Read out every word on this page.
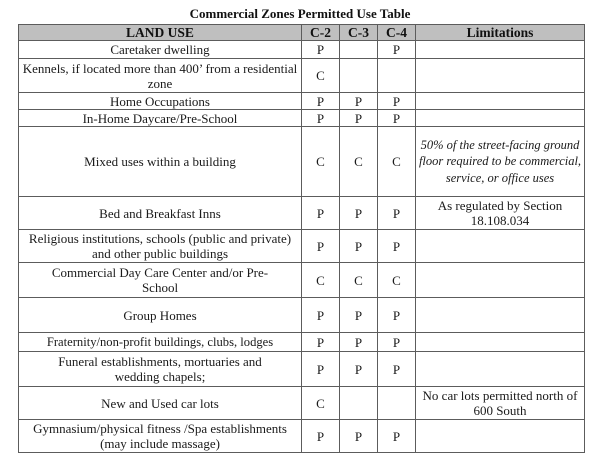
Commercial Zones Permitted Use Table
LAND USE	C-2	C-3	C-4	Limitations
Caretaker dwelling	P		P	
Kennels, if located more than 400’ from a residential zone	C			
Home Occupations	P	P	P	
In-Home Daycare/Pre-School	P	P	P	
Mixed uses within a building	C	C	C	50% of the street-facing ground floor required to be commercial, service, or office uses
Bed and Breakfast Inns	P	P	P	As regulated by Section  18.108.034
Religious institutions, schools (public and private) and other public buildings	P	P	P	
Commercial Day Care Center and/or Pre-School	C	C	C	
Group Homes	P	P	P	
Fraternity/non-profit buildings, clubs, lodges	P	P	P	
Funeral establishments, mortuaries and wedding chapels;	P	P	P	
New and Used car lots	C			No car lots permitted north of 600 South
Gymnasium/physical fitness /Spa establishments (may include massage)	P	P	P	
